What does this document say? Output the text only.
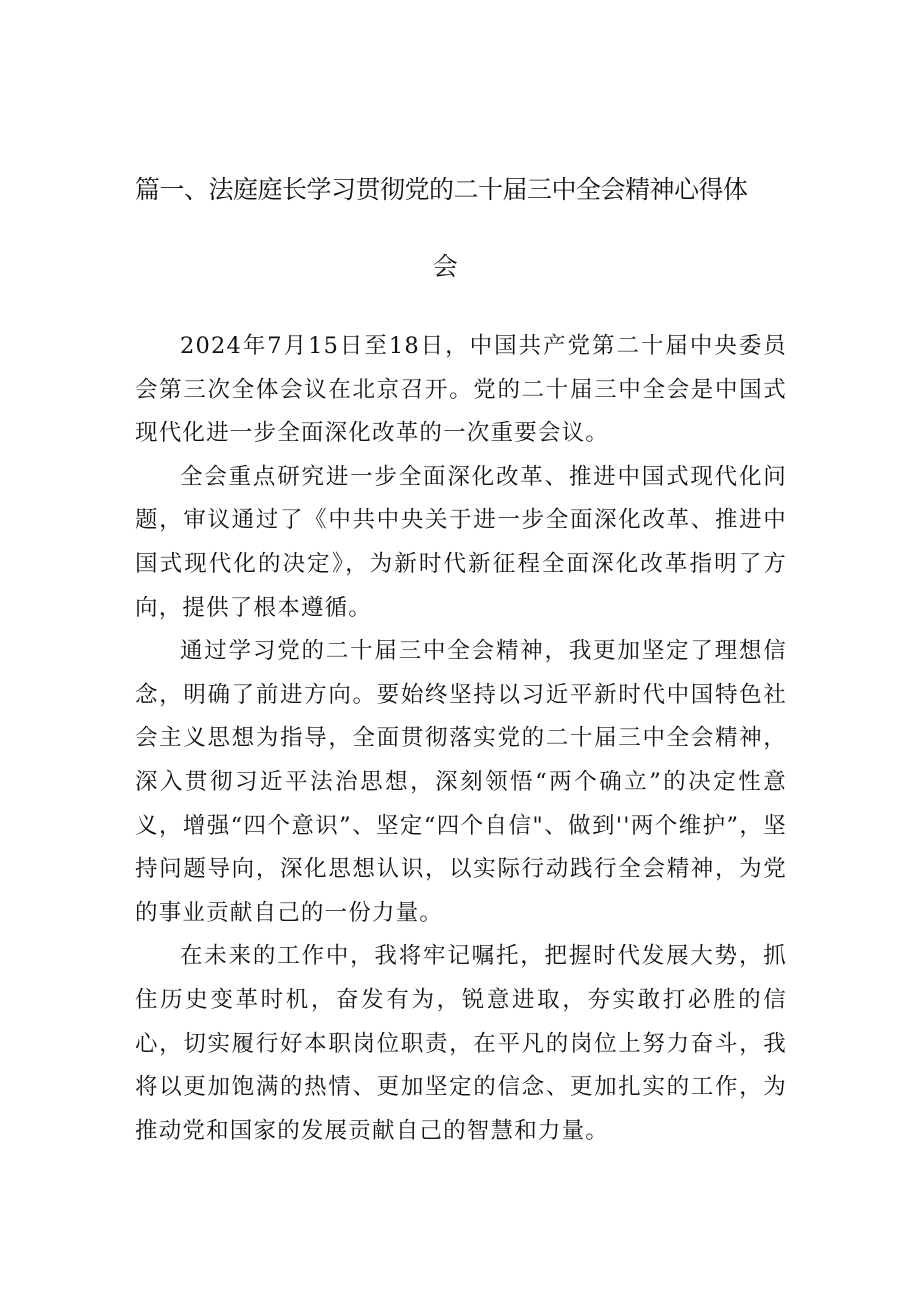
篇一、法庭庭长学习贯彻党的二十届三中全会精神心得体
会

2024年7月15日至18日，中国共产党第二十届中央委员会第三次全体会议在北京召开。党的二十届三中全会是中国式现代化进一步全面深化改革的一次重要会议。

全会重点研究进一步全面深化改革、推进中国式现代化问题，审议通过了《中共中央关于进一步全面深化改革、推进中国式现代化的决定》，为新时代新征程全面深化改革指明了方向，提供了根本遵循。

通过学习党的二十届三中全会精神，我更加坚定了理想信念，明确了前进方向。要始终坚持以习近平新时代中国特色社会主义思想为指导，全面贯彻落实党的二十届三中全会精神，深入贯彻习近平法治思想，深刻领悟“两个确立”的决定性意义，增强“四个意识”、坚定“四个自信"、做到''两个维护”，坚持问题导向，深化思想认识，以实际行动践行全会精神，为党的事业贡献自己的一份力量。

在未来的工作中，我将牢记嘱托，把握时代发展大势，抓住历史变革时机，奋发有为，锐意进取，夯实敢打必胜的信心，切实履行好本职岗位职责，在平凡的岗位上努力奋斗，我将以更加饱满的热情、更加坚定的信念、更加扎实的工作，为推动党和国家的发展贡献自己的智慧和力量。
